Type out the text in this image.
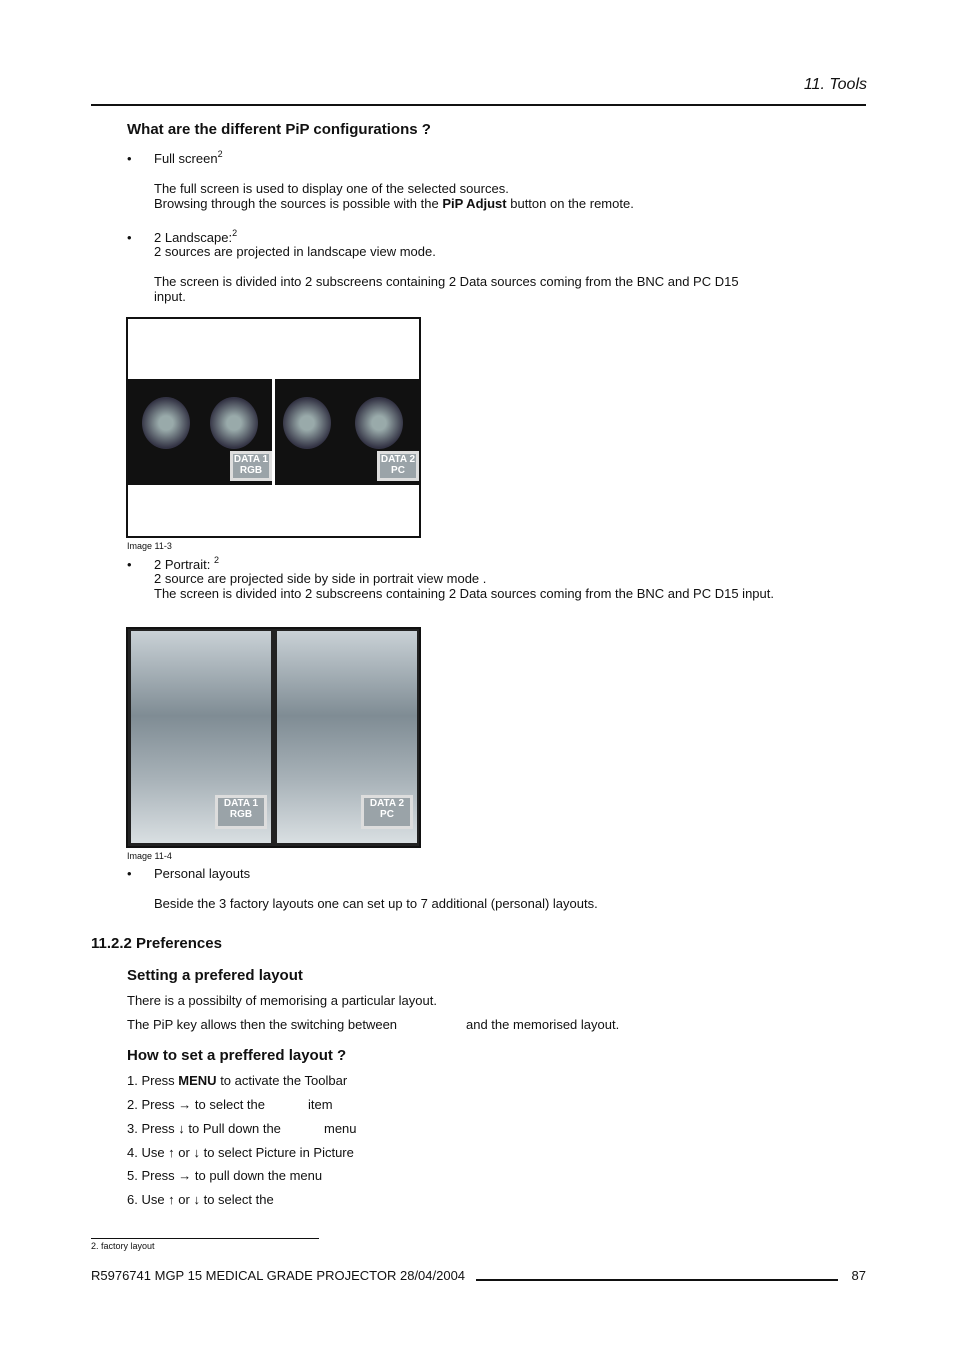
11. Tools
What are the different PiP configurations ?
• Full screen$^2$
The full screen is used to display one of the selected sources.
Browsing through the sources is possible with the PiP Adjust button on the remote.
• 2 Landscape:$^2$
2 sources are projected in landscape view mode.
The screen is divided into 2 subscreens containing 2 Data sources coming from the BNC and PC D15
input.
DATA 1 RGB
DATA 2 PC
Image 11-3
• 2 Portrait: $^2$
2 source are projected side by side in portrait view mode .
The screen is divided into 2 subscreens containing 2 Data sources coming from the BNC and PC D15 input.
DATA 1 RGB
DATA 2 PC
Image 11-4
• Personal layouts
Beside the 3 factory layouts one can set up to 7 additional (personal) layouts.
11.2.2 Preferences
Setting a prefered layout
There is a possibilty of memorising a particular layout.
The PiP key allows then the switching between	and the memorised layout.
How to set a preffered layout ?
1. Press MENU to activate the Toolbar
2. Press → to select the	item
3. Press ↓ to Pull down the	menu
4. Use ↑ or ↓ to select Picture in Picture
5. Press → to pull down the menu
6. Use ↑ or ↓ to select the
2. factory layout
R5976741 MGP 15 MEDICAL GRADE PROJECTOR 28/04/2004	87
